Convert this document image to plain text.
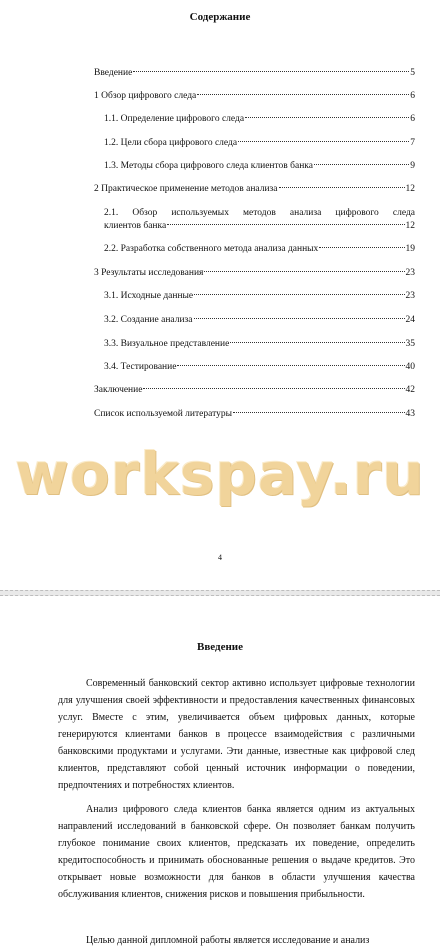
Содержание
Введение	5
1 Обзор цифрового следа	6
1.1. Определение цифрового следа	6
1.2. Цели сбора цифрового следа	7
1.3. Методы сбора цифрового следа клиентов банка	9
2 Практическое применение методов анализа	12
2.1. Обзор используемых методов анализа цифрового следа
клиентов банка	12
2.2. Разработка собственного метода анализа данных	19
3 Результаты исследования	23
3.1. Исходные данные	23
3.2. Создание анализа	24
3.3. Визуальное представление	35
3.4. Тестирование	40
Заключение	42
Список используемой литературы	43
workspay.ru
4
Введение
Современный банковский сектор активно использует цифровые технологии для улучшения своей эффективности и предоставления качественных финансовых услуг. Вместе с этим, увеличивается объем цифровых данных, которые генерируются клиентами банков в процессе взаимодействия с различными банковскими продуктами и услугами. Эти данные, известные как цифровой след клиентов, представляют собой ценный источник информации о поведении, предпочтениях и потребностях клиентов.
Анализ цифрового следа клиентов банка является одним из актуальных направлений исследований в банковской сфере. Он позволяет банкам получить глубокое понимание своих клиентов, предсказать их поведение, определить кредитоспособность и принимать обоснованные решения о выдаче кредитов. Это открывает новые возможности для банков в области улучшения качества обслуживания клиентов, снижения рисков и повышения прибыльности.
Целью данной дипломной работы является исследование и анализ
